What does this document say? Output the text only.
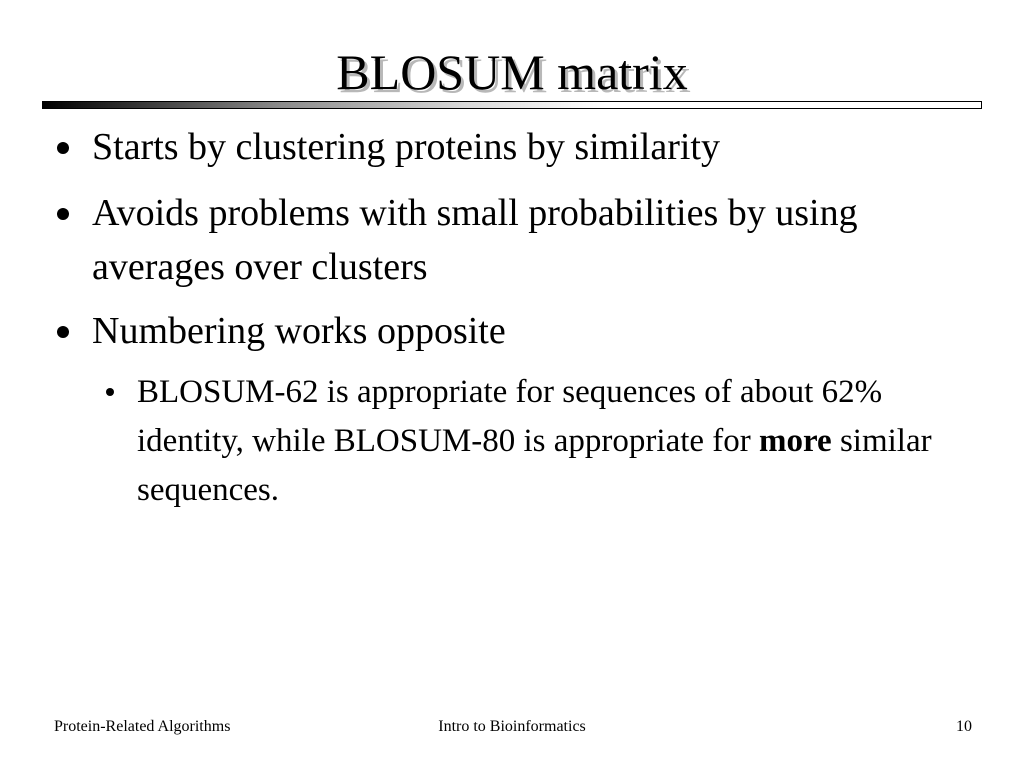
BLOSUM matrix
Starts by clustering proteins by similarity
Avoids problems with small probabilities by using averages over clusters
Numbering works opposite
BLOSUM-62 is appropriate for sequences of about 62% identity, while BLOSUM-80 is appropriate for more similar sequences.
Protein-Related Algorithms	Intro to Bioinformatics	10
